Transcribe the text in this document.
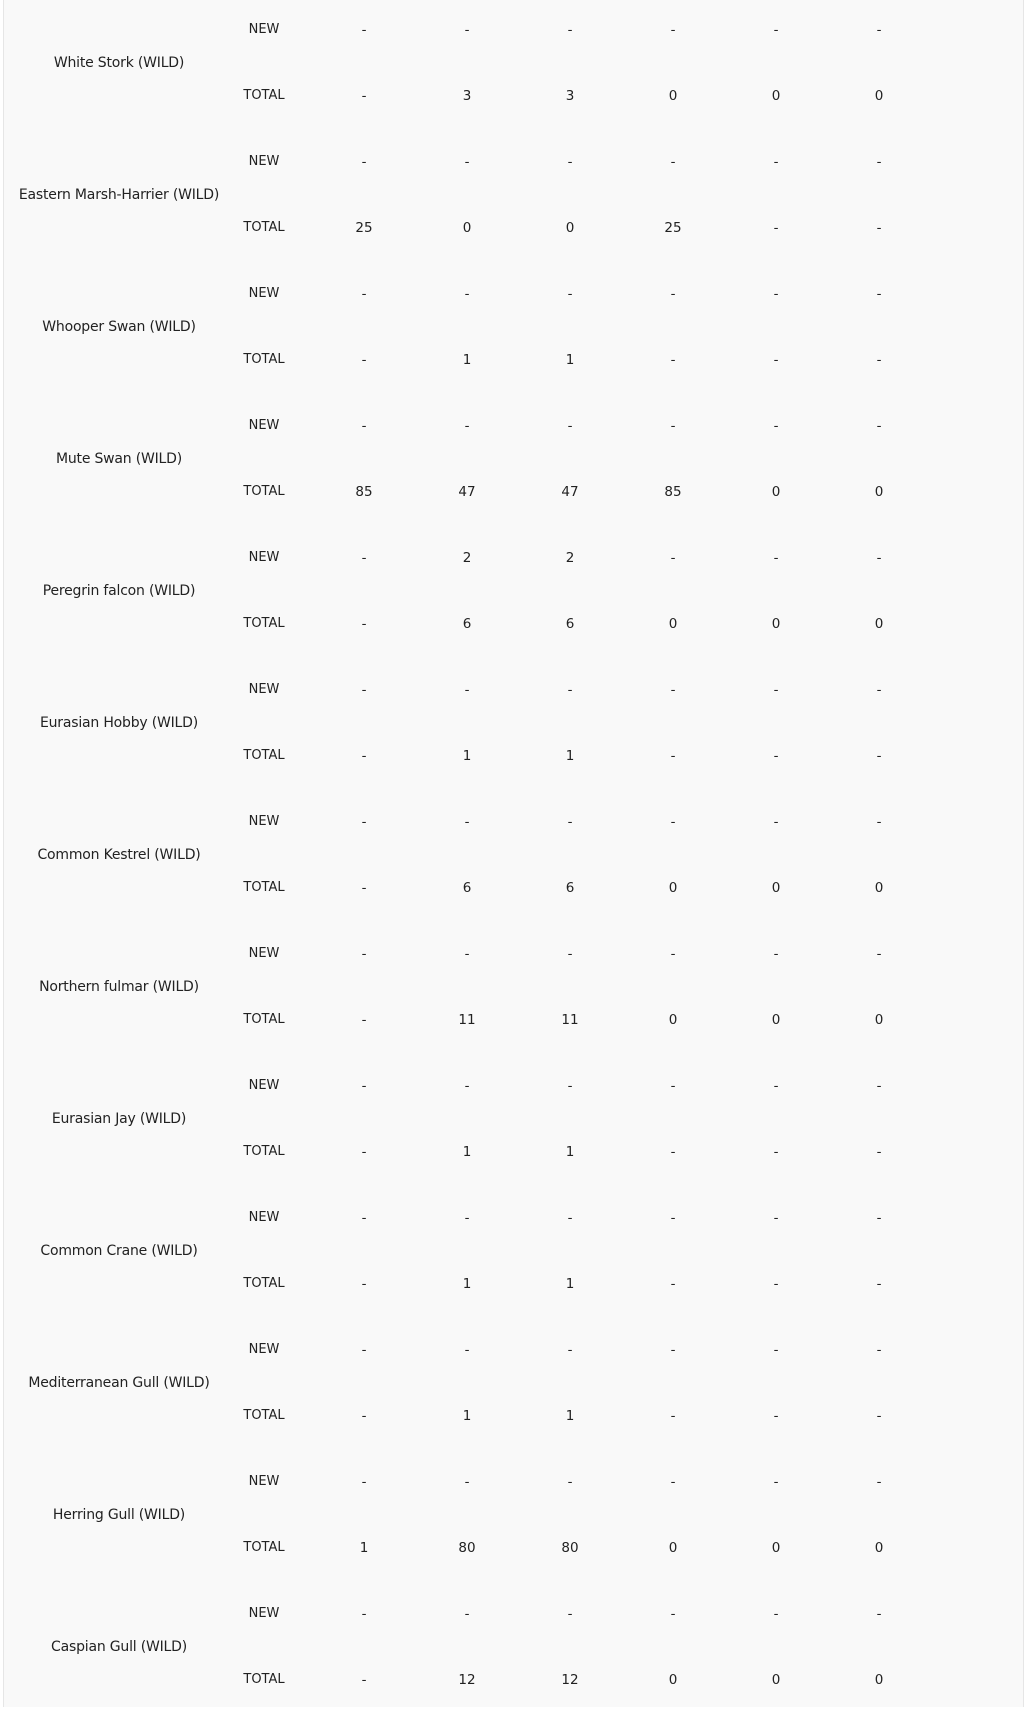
White Stork (WILD)
NEW	-	-	-	-	-	-
TOTAL	-	3	3	0	0	0
Eastern Marsh-Harrier (WILD)
NEW	-	-	-	-	-	-
TOTAL	25	0	0	25	-	-
Whooper Swan (WILD)
NEW	-	-	-	-	-	-
TOTAL	-	1	1	-	-	-
Mute Swan (WILD)
NEW	-	-	-	-	-	-
TOTAL	85	47	47	85	0	0
Peregrin falcon (WILD)
NEW	-	2	2	-	-	-
TOTAL	-	6	6	0	0	0
Eurasian Hobby (WILD)
NEW	-	-	-	-	-	-
TOTAL	-	1	1	-	-	-
Common Kestrel (WILD)
NEW	-	-	-	-	-	-
TOTAL	-	6	6	0	0	0
Northern fulmar (WILD)
NEW	-	-	-	-	-	-
TOTAL	-	11	11	0	0	0
Eurasian Jay (WILD)
NEW	-	-	-	-	-	-
TOTAL	-	1	1	-	-	-
Common Crane (WILD)
NEW	-	-	-	-	-	-
TOTAL	-	1	1	-	-	-
Mediterranean Gull (WILD)
NEW	-	-	-	-	-	-
TOTAL	-	1	1	-	-	-
Herring Gull (WILD)
NEW	-	-	-	-	-	-
TOTAL	1	80	80	0	0	0
Caspian Gull (WILD)
NEW	-	-	-	-	-	-
TOTAL	-	12	12	0	0	0
